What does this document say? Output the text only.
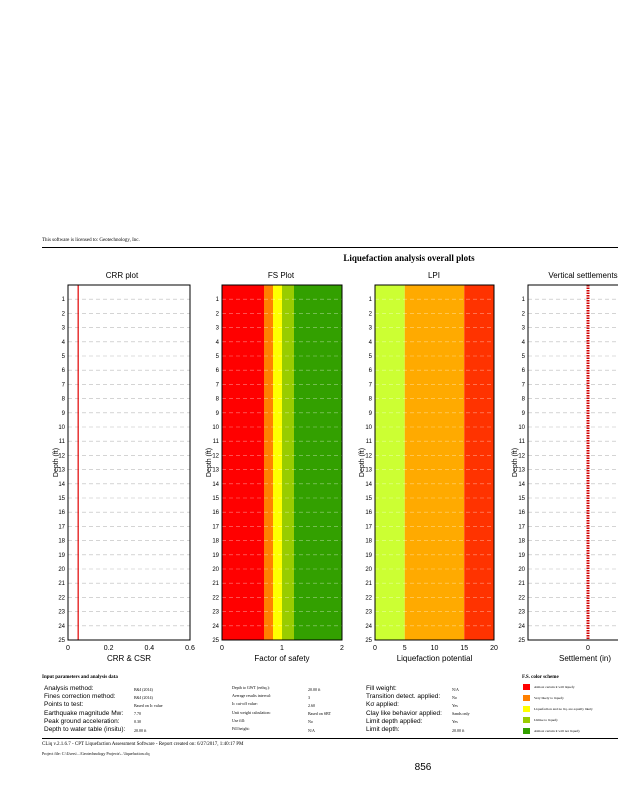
This software is licensed to: Geotechnology, Inc.
Liquefaction analysis overall plots
CRR plot	FS Plot	LPI	Vertical settlements
1
2
3
4
5
6
7
8
9
10
11
12
13
14
15
16
17
18
19
20
21
22
23
24
25
Depth (ft)
0	0.2	0.4	0.6
CRR & CSR
1
2
3
4
5
6
7
8
9
10
11
12
13
14
15
16
17
18
19
20
21
22
23
24
25
Depth (ft)
0	1	2
Factor of safety
1
2
3
4
5
6
7
8
9
10
11
12
13
14
15
16
17
18
19
20
21
22
23
24
25
Depth (ft)
0	5	10	15	20
Liquefaction potential
1
2
3
4
5
6
7
8
9
10
11
12
13
14
15
16
17
18
19
20
21
22
23
24
25
Depth (ft)
0
Settlement (in)
Input parameters and analysis data
Analysis method:	B&I (2014)
Fines correction method:	B&I (2014)
Points to test:	Based on Ic value
Earthquake magnitude Mw:	7.70
Peak ground acceleration:	0.30
Depth to water table (insitu): 20.00 ft
Depth to GWT (erthq.):	20.00 ft
Average results interval:	3
Ic cut-off value:	2.60
Unit weight calculation:	Based on SBT
Use fill:	No
Fill height:	N/A
Fill weight:	N/A
Transition detect. applied:	No
Kσ applied:	Yes
Clay like behavior applied:	Sands only
Limit depth applied:	Yes
Limit depth:	20.00 ft
F.S. color scheme
Almost certain it will liquefy
Very likely to liquefy
Liquefaction and no liq. are equally likely
Unlike to liquefy
Almost certain it will not liquefy
CLiq v.2.1.6.7 - CPT Liquefaction Assessment Software - Report created on: 6/27/2017, 1:40:17 PM
Project file: C:\Users\...\Geotechnology Projects\...\liquefaction.clq
856
